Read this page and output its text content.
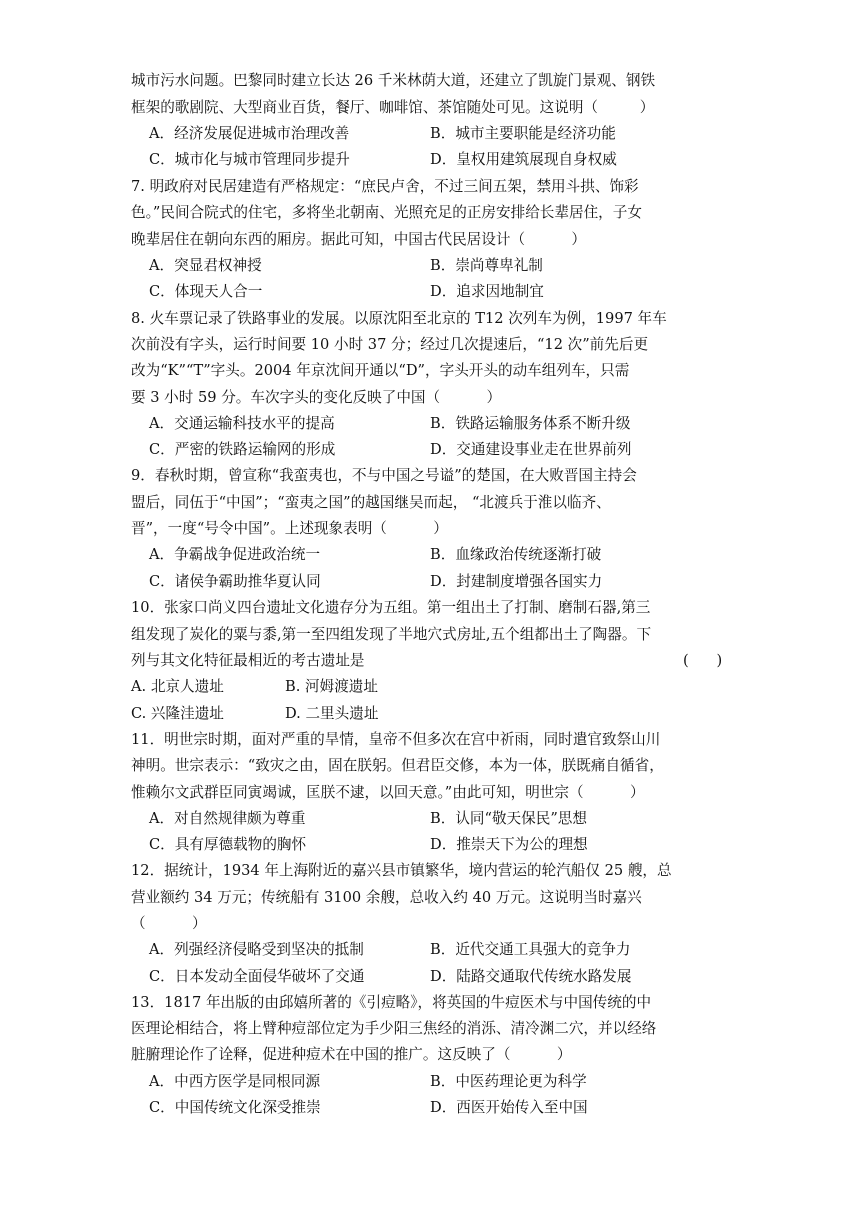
城市污水问题。巴黎同时建立长达 26 千米林荫大道，还建立了凯旋门景观、钢铁
框架的歌剧院、大型商业百货，餐厅、咖啡馆、茶馆随处可见。这说明（         ）
A．经济发展促进城市治理改善	B．城市主要职能是经济功能
C．城市化与城市管理同步提升	D．皇权用建筑展现自身权威
7. 明政府对民居建造有严格规定：“庶民卢舍，不过三间五架，禁用斗拱、饰彩
色。”民间合院式的住宅，多将坐北朝南、光照充足的正房安排给长辈居住，子女
晚辈居住在朝向东西的厢房。据此可知，中国古代民居设计（          ）
A．突显君权神授	B．崇尚尊卑礼制
C．体现天人合一	D．追求因地制宜
8. 火车票记录了铁路事业的发展。以原沈阳至北京的 T12 次列车为例，1997 年车
次前没有字头，运行时间要 10 小时 37 分；经过几次提速后，“12 次”前先后更
改为“K”“T”字头。2004 年京沈间开通以“D”，字头开头的动车组列车，只需
要 3 小时 59 分。车次字头的变化反映了中国（          ）
A．交通运输科技水平的提高	B．铁路运输服务体系不断升级
C．严密的铁路运输网的形成	D．交通建设事业走在世界前列
9．春秋时期，曾宣称“我蛮夷也，不与中国之号谥”的楚国，在大败晋国主持会
盟后，同伍于“中国”；“蛮夷之国”的越国继吴而起， “北渡兵于淮以临齐、
晋”，一度“号令中国”。上述现象表明（          ）
A．争霸战争促进政治统一	B．血缘政治传统逐渐打破
C．诸侯争霸助推华夏认同	D．封建制度增强各国实力
10．张家口尚义四台遗址文化遗存分为五组。第一组出土了打制、磨制石器,第三
组发现了炭化的粟与黍,第一至四组发现了半地穴式房址,五个组都出土了陶器。下
列与其文化特征最相近的考古遗址是	(      )
A. 北京人遗址	B. 河姆渡遗址
C. 兴隆洼遗址	D. 二里头遗址
11．明世宗时期，面对严重的旱情，皇帝不但多次在宫中祈雨，同时遣官致祭山川
神明。世宗表示：“致灾之由，固在朕躬。但君臣交修，本为一体，朕既痛自循省，
惟赖尔文武群臣同寅竭诚，匡朕不逮，以回天意。”由此可知，明世宗（          ）
A．对自然规律颇为尊重	B．认同“敬天保民”思想
C．具有厚德载物的胸怀	D．推崇天下为公的理想
12．据统计，1934 年上海附近的嘉兴县市镇繁华，境内营运的轮汽船仅 25 艘，总
营业额约 34 万元；传统船有 3100 余艘，总收入约 40 万元。这说明当时嘉兴
（          ）
A．列强经济侵略受到坚决的抵制	B．近代交通工具强大的竞争力
C．日本发动全面侵华破坏了交通	D．陆路交通取代传统水路发展
13．1817 年出版的由邱嬉所著的《引痘略》，将英国的牛痘医术与中国传统的中
医理论相结合，将上臂种痘部位定为手少阳三焦经的消泺、清冷渊二穴，并以经络
脏腑理论作了诠释，促进种痘术在中国的推广。这反映了（          ）
A．中西方医学是同根同源	B．中医药理论更为科学
C．中国传统文化深受推崇	D．西医开始传入至中国
